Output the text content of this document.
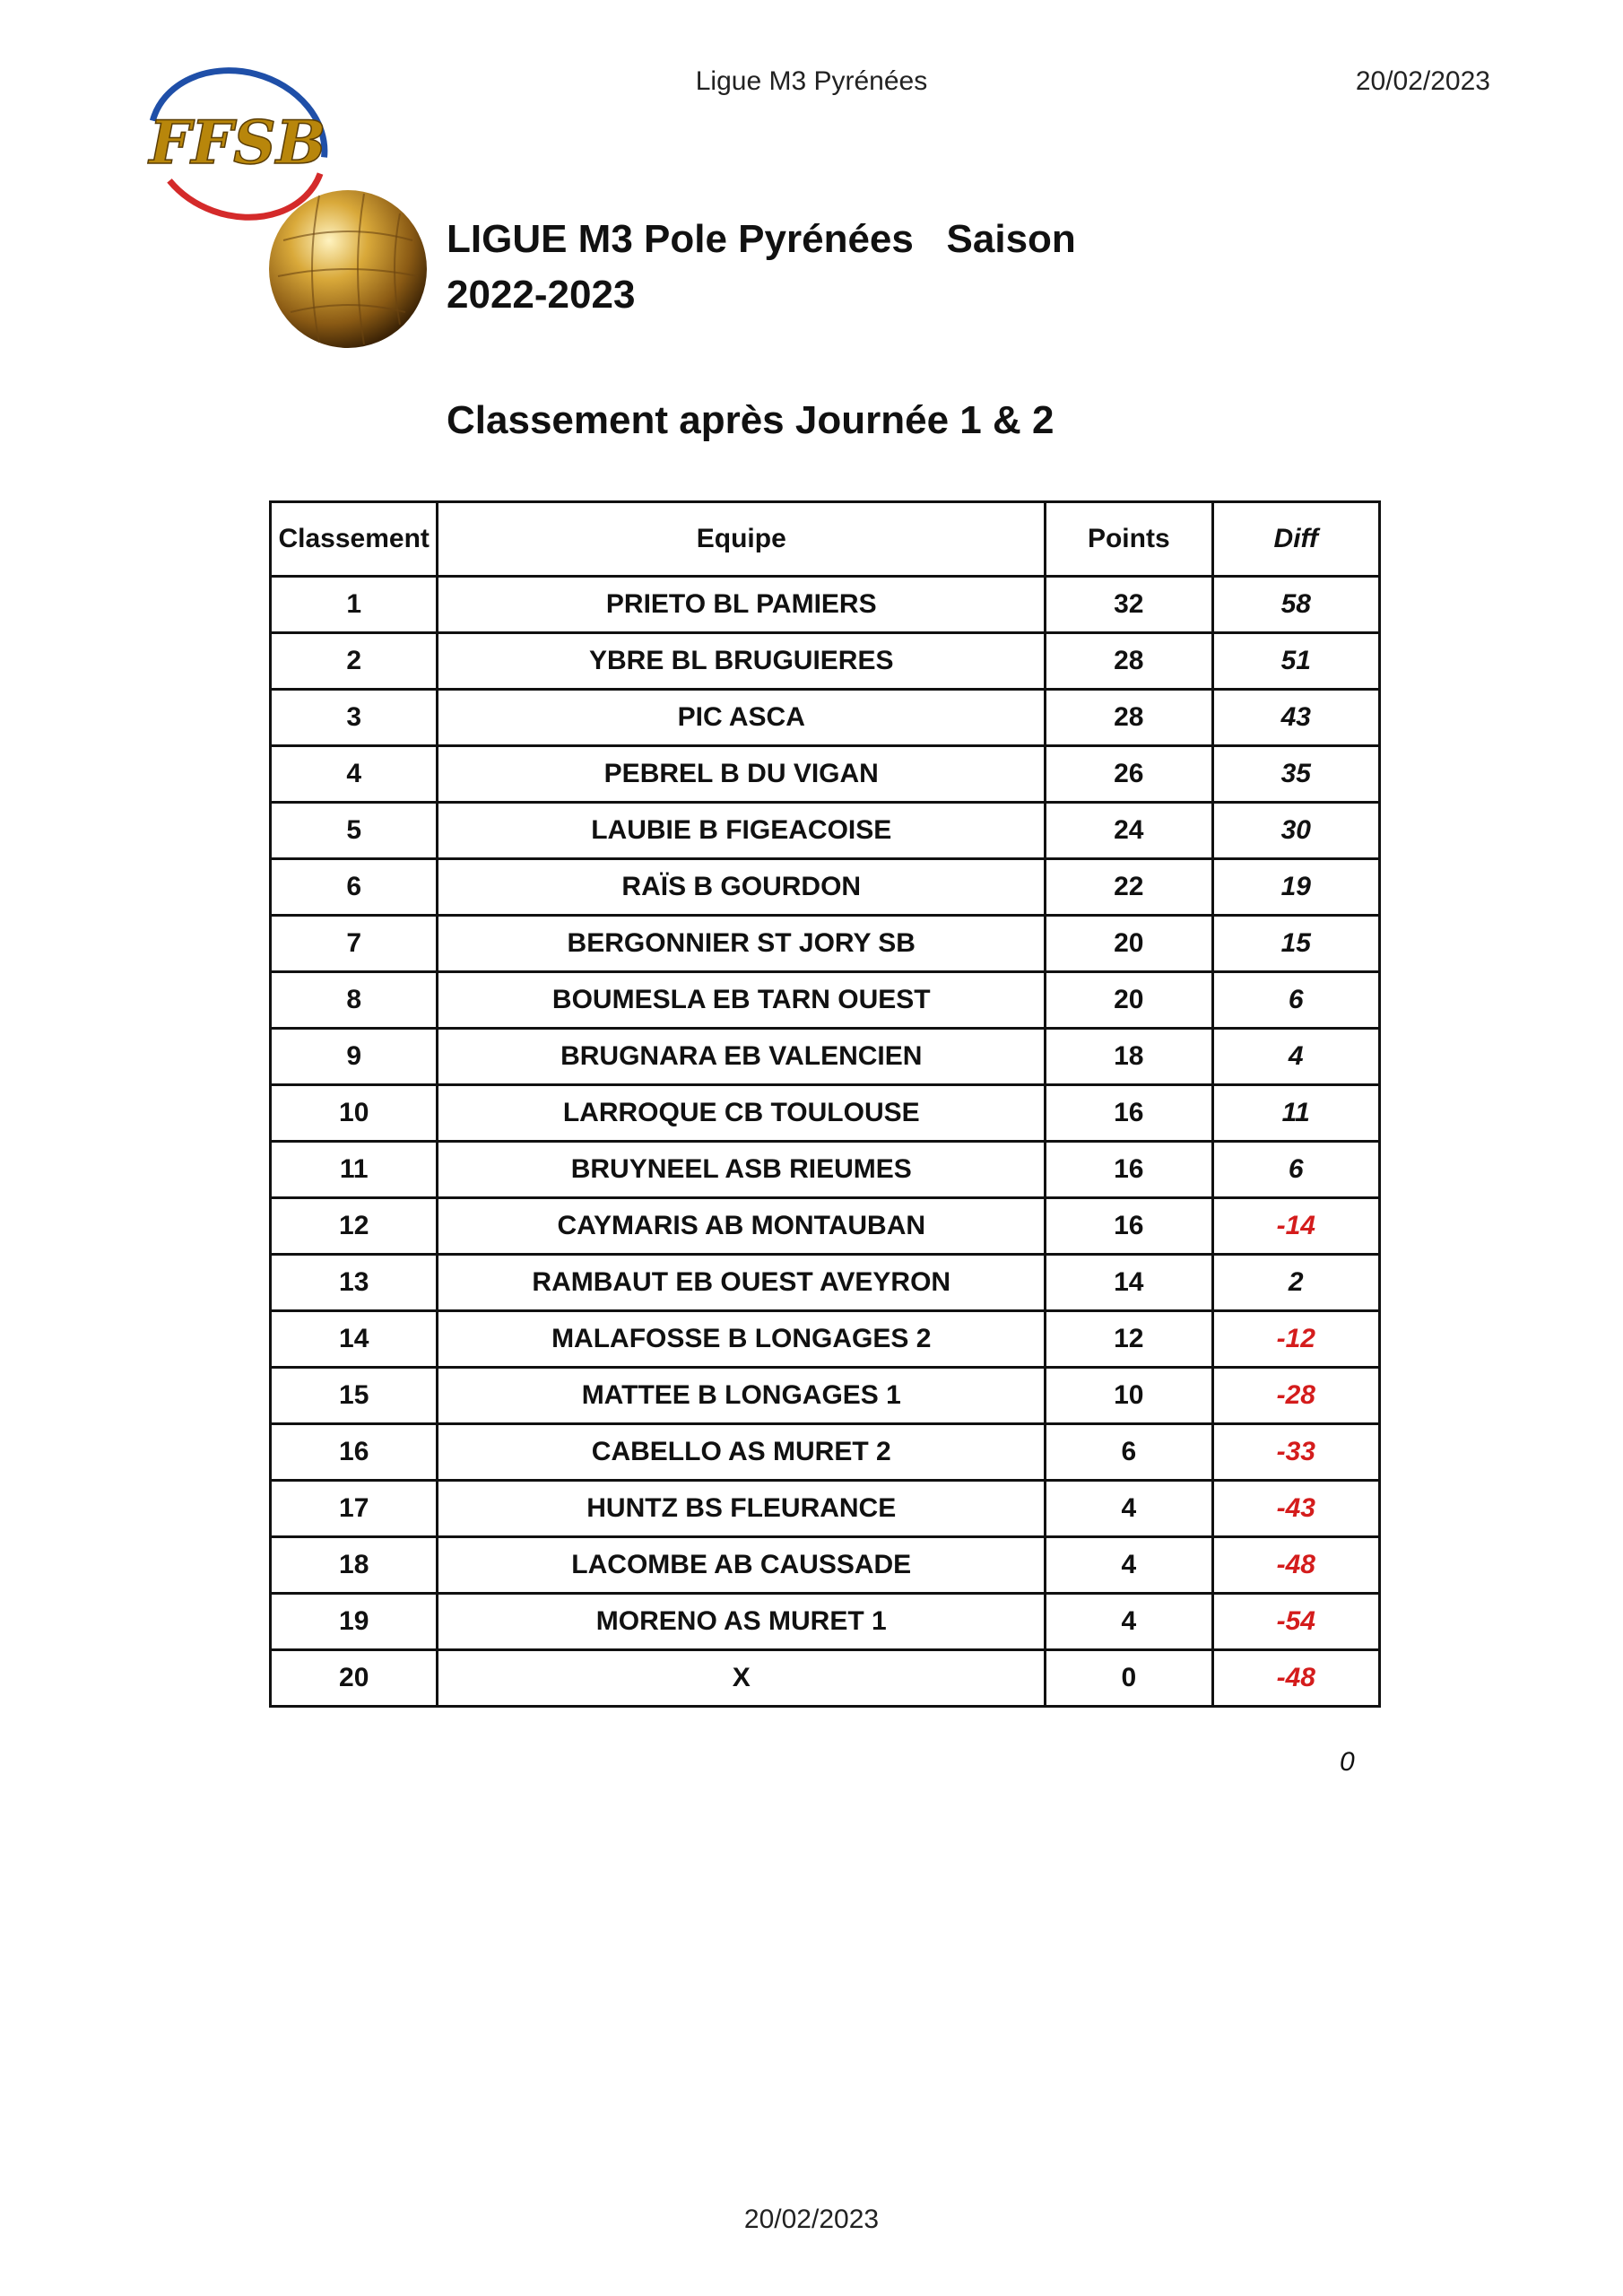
Ligue M3 Pyrénées	20/02/2023
FFSB
LIGUE M3 Pole Pyrénées   Saison
2022-2023
Classement après Journée 1 & 2
Classement	Equipe	Points	Diff
1	PRIETO BL PAMIERS	32	58
2	YBRE BL BRUGUIERES	28	51
3	PIC ASCA	28	43
4	PEBREL B DU VIGAN	26	35
5	LAUBIE B FIGEACOISE	24	30
6	RAÏS B GOURDON	22	19
7	BERGONNIER ST JORY SB	20	15
8	BOUMESLA EB TARN OUEST	20	6
9	BRUGNARA EB VALENCIEN	18	4
10	LARROQUE CB TOULOUSE	16	11
11	BRUYNEEL ASB RIEUMES	16	6
12	CAYMARIS AB MONTAUBAN	16	-14
13	RAMBAUT EB OUEST AVEYRON	14	2
14	MALAFOSSE B LONGAGES 2	12	-12
15	MATTEE B LONGAGES 1	10	-28
16	CABELLO AS MURET 2	6	-33
17	HUNTZ BS FLEURANCE	4	-43
18	LACOMBE AB CAUSSADE	4	-48
19	MORENO AS MURET 1	4	-54
20	X	0	-48
0
20/02/2023
